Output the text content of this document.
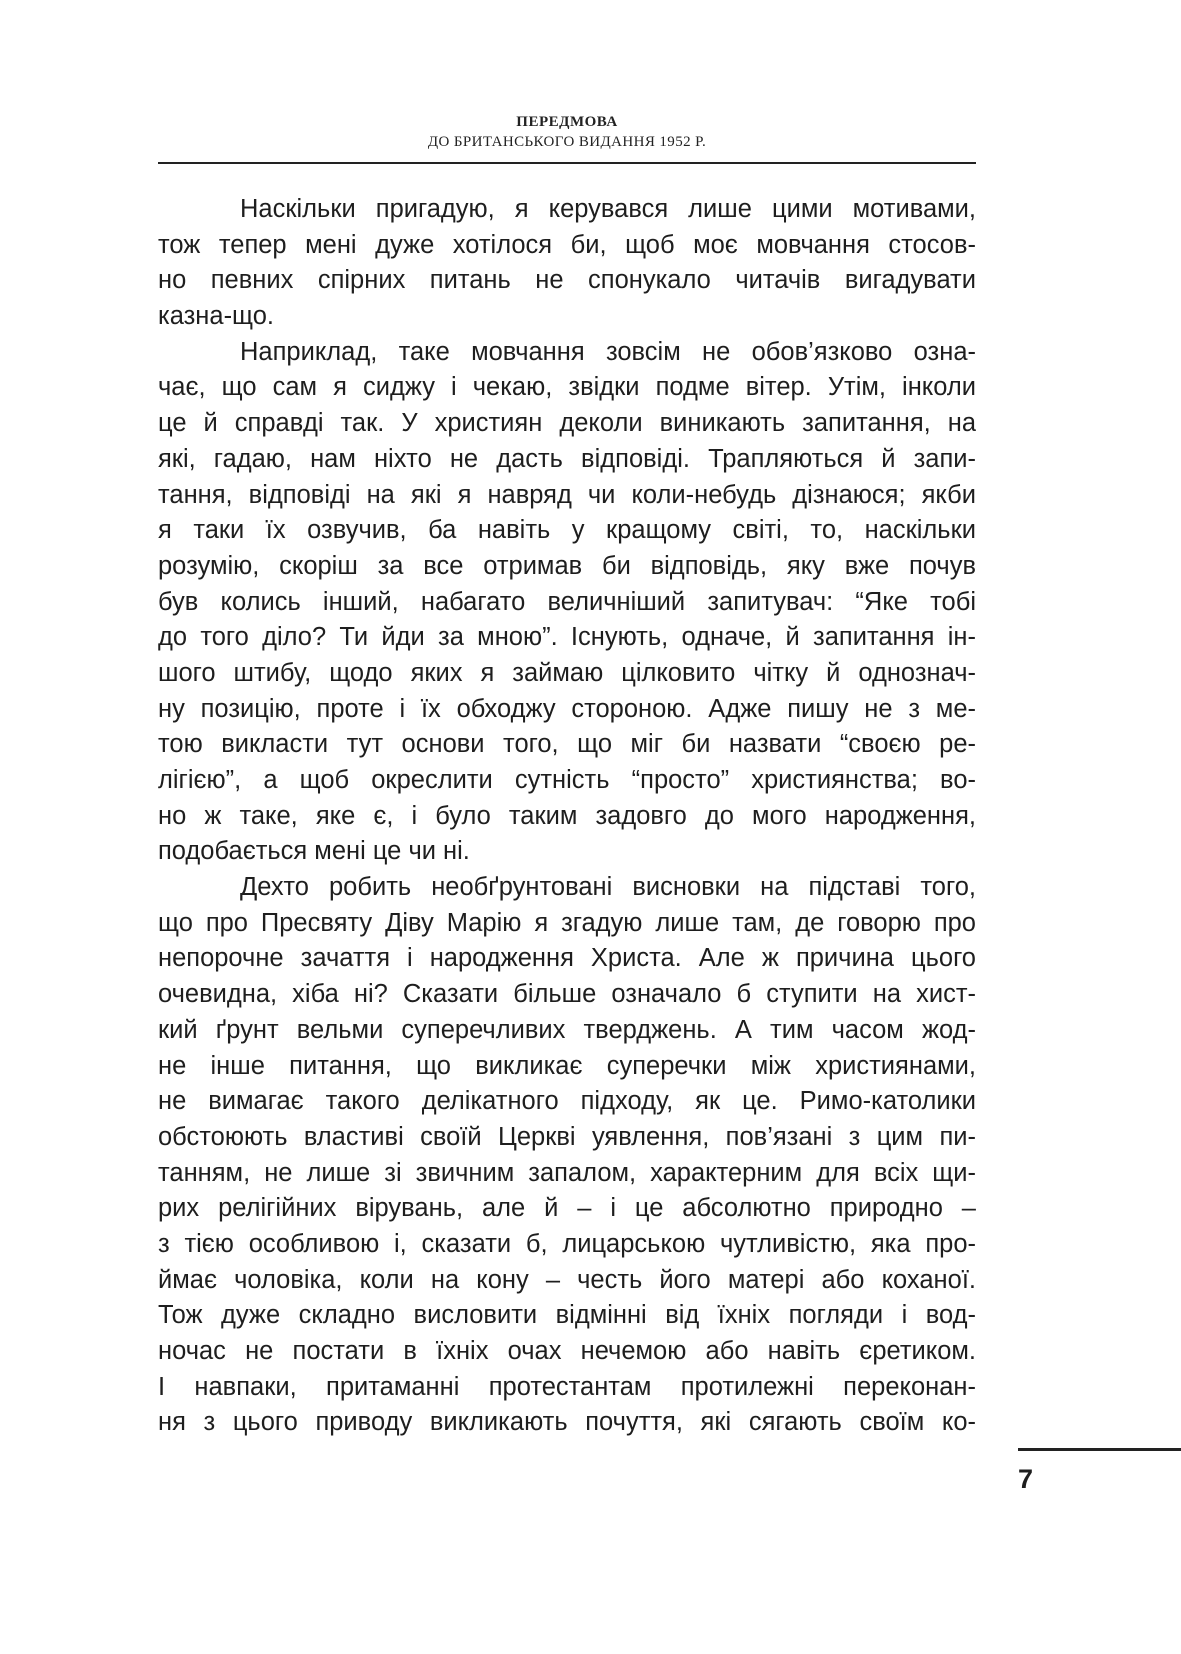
ПЕРЕДМОВА
ДО БРИТАНСЬКОГО ВИДАННЯ 1952 Р.
Наскільки пригадую, я керувався лише цими мотивами,
тож тепер мені дуже хотілося би, щоб моє мовчання стосов-
но певних спірних питань не спонукало читачів вигадувати
казна-що.
Наприклад, таке мовчання зовсім не обов’язково озна-
чає, що сам я сиджу і чекаю, звідки подме вітер. Утім, інколи
це й справді так. У християн деколи виникають запитання, на
які, гадаю, нам ніхто не дасть відповіді. Трапляються й запи-
тання, відповіді на які я навряд чи коли-небудь дізнаюся; якби
я таки їх озвучив, ба навіть у кращому світі, то, наскільки
розумію, скоріш за все отримав би відповідь, яку вже почув
був колись інший, набагато величніший запитувач: “Яке тобі
до того діло? Ти йди за мною”. Існують, одначе, й запитання ін-
шого штибу, щодо яких я займаю цілковито чітку й однознач-
ну позицію, проте і їх обходжу стороною. Адже пишу не з ме-
тою викласти тут основи того, що міг би назвати “своєю ре-
лігією”, а щоб окреслити сутність “просто” християнства; во-
но ж таке, яке є, і було таким задовго до мого народження,
подобається мені це чи ні.
Дехто робить необґрунтовані висновки на підставі того,
що про Пресвяту Діву Марію я згадую лише там, де говорю про
непорочне зачаття і народження Христа. Але ж причина цього
очевидна, хіба ні? Сказати більше означало б ступити на хист-
кий ґрунт вельми суперечливих тверджень. А тим часом жод-
не інше питання, що викликає суперечки між християнами,
не вимагає такого делікатного підходу, як це. Римо-католики
обстоюють властиві своїй Церкві уявлення, пов’язані з цим пи-
танням, не лише зі звичним запалом, характерним для всіх щи-
рих релігійних вірувань, але й – і це абсолютно природно –
з тією особливою і, сказати б, лицарською чутливістю, яка про-
ймає чоловіка, коли на кону – честь його матері або коханої.
Тож дуже складно висловити відмінні від їхніх погляди і вод-
ночас не постати в їхніх очах нечемою або навіть єретиком.
І навпаки, притаманні протестантам протилежні переконан-
ня з цього приводу викликають почуття, які сягають своїм ко-
7
